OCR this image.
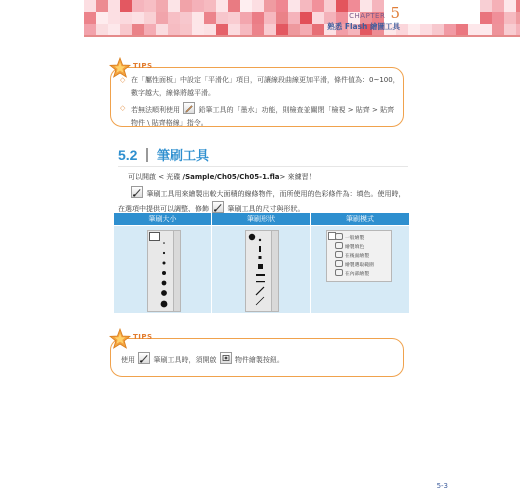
CHAPTER 5
熟悉 Flash 繪圖工具
TIPS
◇ 在「屬性面板」中設定「平滑化」項目，可讓線段曲線更加平滑，條件值為：0~100，數字越大，線條將越平滑。
◇ 若無法順利使用	鉛筆工具的「墨水」功能，則檢查並關閉「檢視 > 貼齊 > 貼齊物件 \ 貼齊格線」指令。
5.2 筆刷工具
可以開啟 < 光碟 /Sample/Ch05/Ch05-1.fla> 來練習！

筆刷工具用來繪製出較大面積的線條物件，而所使用的色彩條件為：填色。使用時，在選項中提供可以調整、修飾	筆刷工具的尺寸與形狀。
筆刷大小	筆刷形狀	筆刷模式
一般繪製
繪製填色
在後面繪製
繪製選取範圍
在內部繪製
TIPS
使用	筆刷工具時，須開啟	物件繪製按鈕。
5-3
